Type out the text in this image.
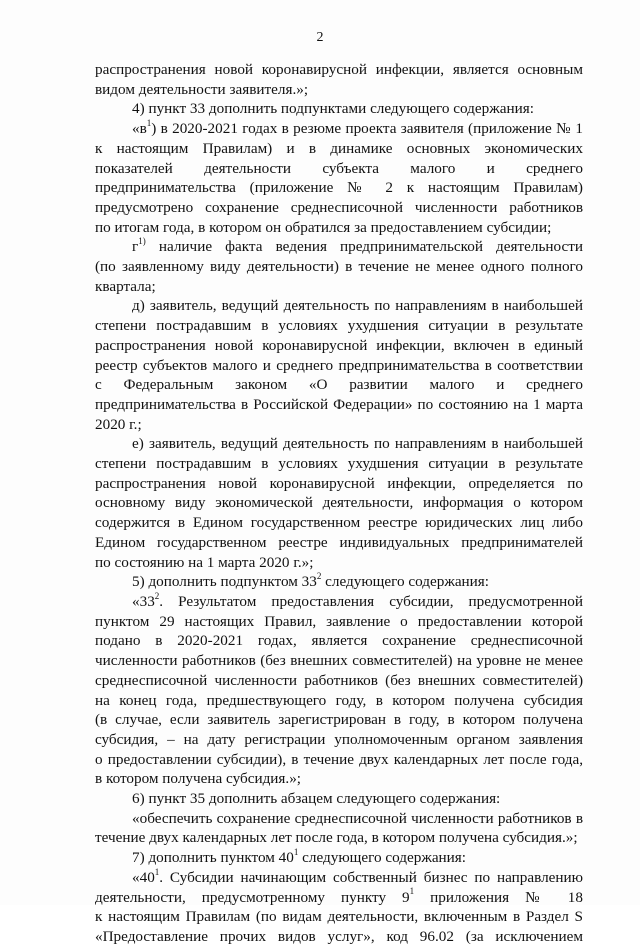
2
распространения новой коронавирусной инфекции, является основным
видом деятельности заявителя.»;
4) пункт 33 дополнить подпунктами следующего содержания:
«$в^1$) в 2020-2021 годах в резюме проекта заявителя (приложение № 1
к настоящим Правилам) и в динамике основных экономических
показателей деятельности субъекта малого и среднего
предпринимательства (приложение № 2 к настоящим Правилам)
предусмотрено сохранение среднесписочной численности работников
по итогам года, в котором он обратился за предоставлением субсидии;
$г^{1)}$ наличие факта ведения предпринимательской деятельности
(по заявленному виду деятельности) в течение не менее одного полного
квартала;
д) заявитель, ведущий деятельность по направлениям в наибольшей
степени пострадавшим в условиях ухудшения ситуации в результате
распространения новой коронавирусной инфекции, включен в единый
реестр субъектов малого и среднего предпринимательства в соответствии
с Федеральным законом «О развитии малого и среднего
предпринимательства в Российской Федерации» по состоянию на 1 марта
2020 г.;
е) заявитель, ведущий деятельность по направлениям в наибольшей
степени пострадавшим в условиях ухудшения ситуации в результате
распространения новой коронавирусной инфекции, определяется по
основному виду экономической деятельности, информация о котором
содержится в Едином государственном реестре юридических лиц либо
Едином государственном реестре индивидуальных предпринимателей
по состоянию на 1 марта 2020 г.»;
5) дополнить подпунктом $33^2$ следующего содержания:
«$33^2$. Результатом предоставления субсидии, предусмотренной
пунктом 29 настоящих Правил, заявление о предоставлении которой
подано в 2020-2021 годах, является сохранение среднесписочной
численности работников (без внешних совместителей) на уровне не менее
среднесписочной численности работников (без внешних совместителей)
на конец года, предшествующего году, в котором получена субсидия
(в случае, если заявитель зарегистрирован в году, в котором получена
субсидия, – на дату регистрации уполномоченным органом заявления
о предоставлении субсидии), в течение двух календарных лет после года,
в котором получена субсидия.»;
6) пункт 35 дополнить абзацем следующего содержания:
«обеспечить сохранение среднесписочной численности работников в
течение двух календарных лет после года, в котором получена субсидия.»;
7) дополнить пунктом $40^1$ следующего содержания:
«$40^1$. Субсидии начинающим собственный бизнес по направлению
деятельности, предусмотренному пункту $9^1$ приложения № 18
к настоящим Правилам (по видам деятельности, включенным в Раздел S
«Предоставление прочих видов услуг», код 96.02 (за исключением
